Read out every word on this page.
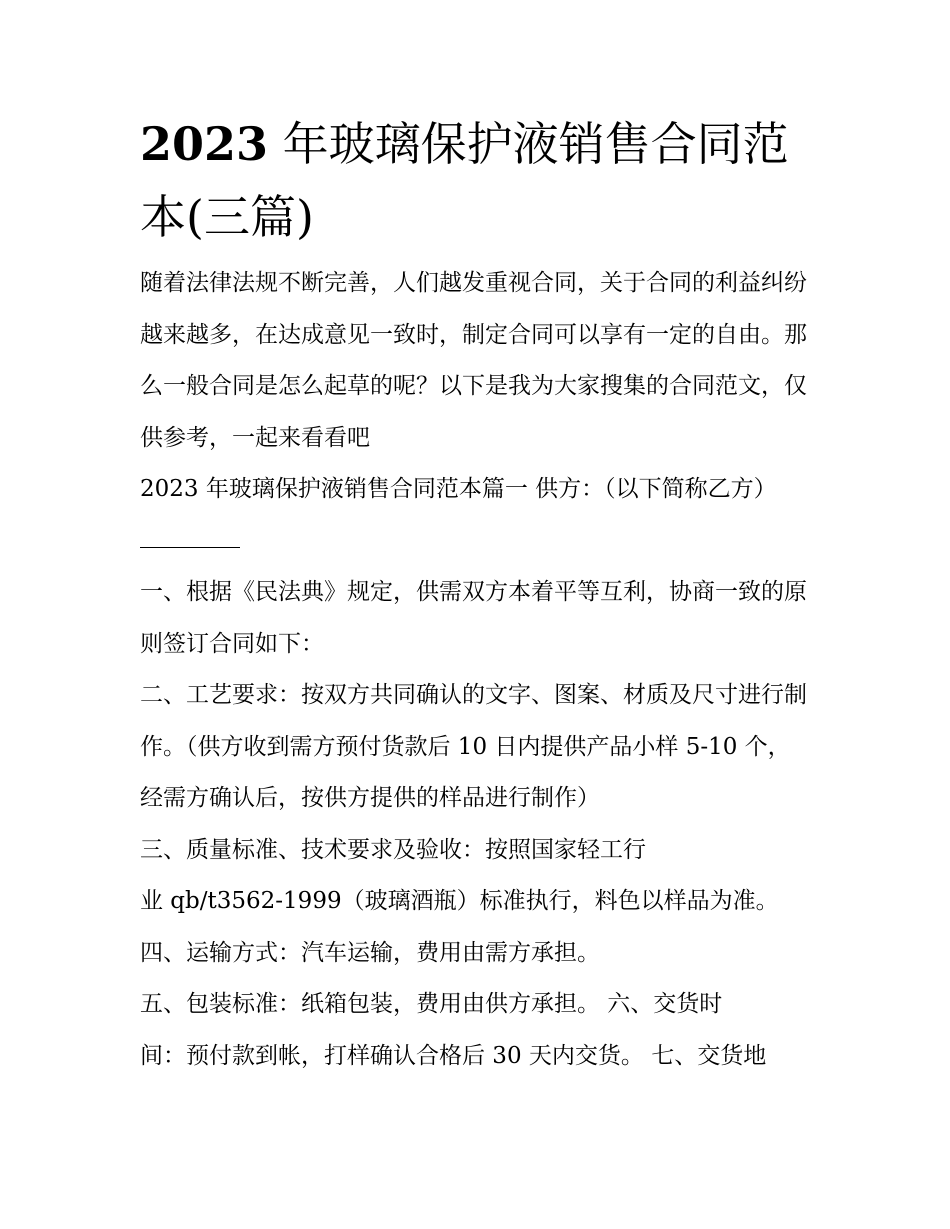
2023 年玻璃保护液销售合同范本(三篇)

随着法律法规不断完善，人们越发重视合同，关于合同的利益纠纷越来越多，在达成意见一致时，制定合同可以享有一定的自由。那么一般合同是怎么起草的呢？以下是我为大家搜集的合同范文，仅供参考，一起来看看吧

2023 年玻璃保护液销售合同范本篇一 供方：（以下简称乙方）

一、根据《民法典》规定，供需双方本着平等互利，协商一致的原则签订合同如下：

二、工艺要求：按双方共同确认的文字、图案、材质及尺寸进行制作。（供方收到需方预付货款后 10 日内提供产品小样 5-10 个，经需方确认后，按供方提供的样品进行制作）

三、质量标准、技术要求及验收：按照国家轻工行

业 qb/t3562-1999（玻璃酒瓶）标准执行，料色以样品为准。

四、运输方式：汽车运输，费用由需方承担。

五、包装标准：纸箱包装，费用由供方承担。 六、交货时

间：预付款到帐，打样确认合格后 30 天内交货。 七、交货地
